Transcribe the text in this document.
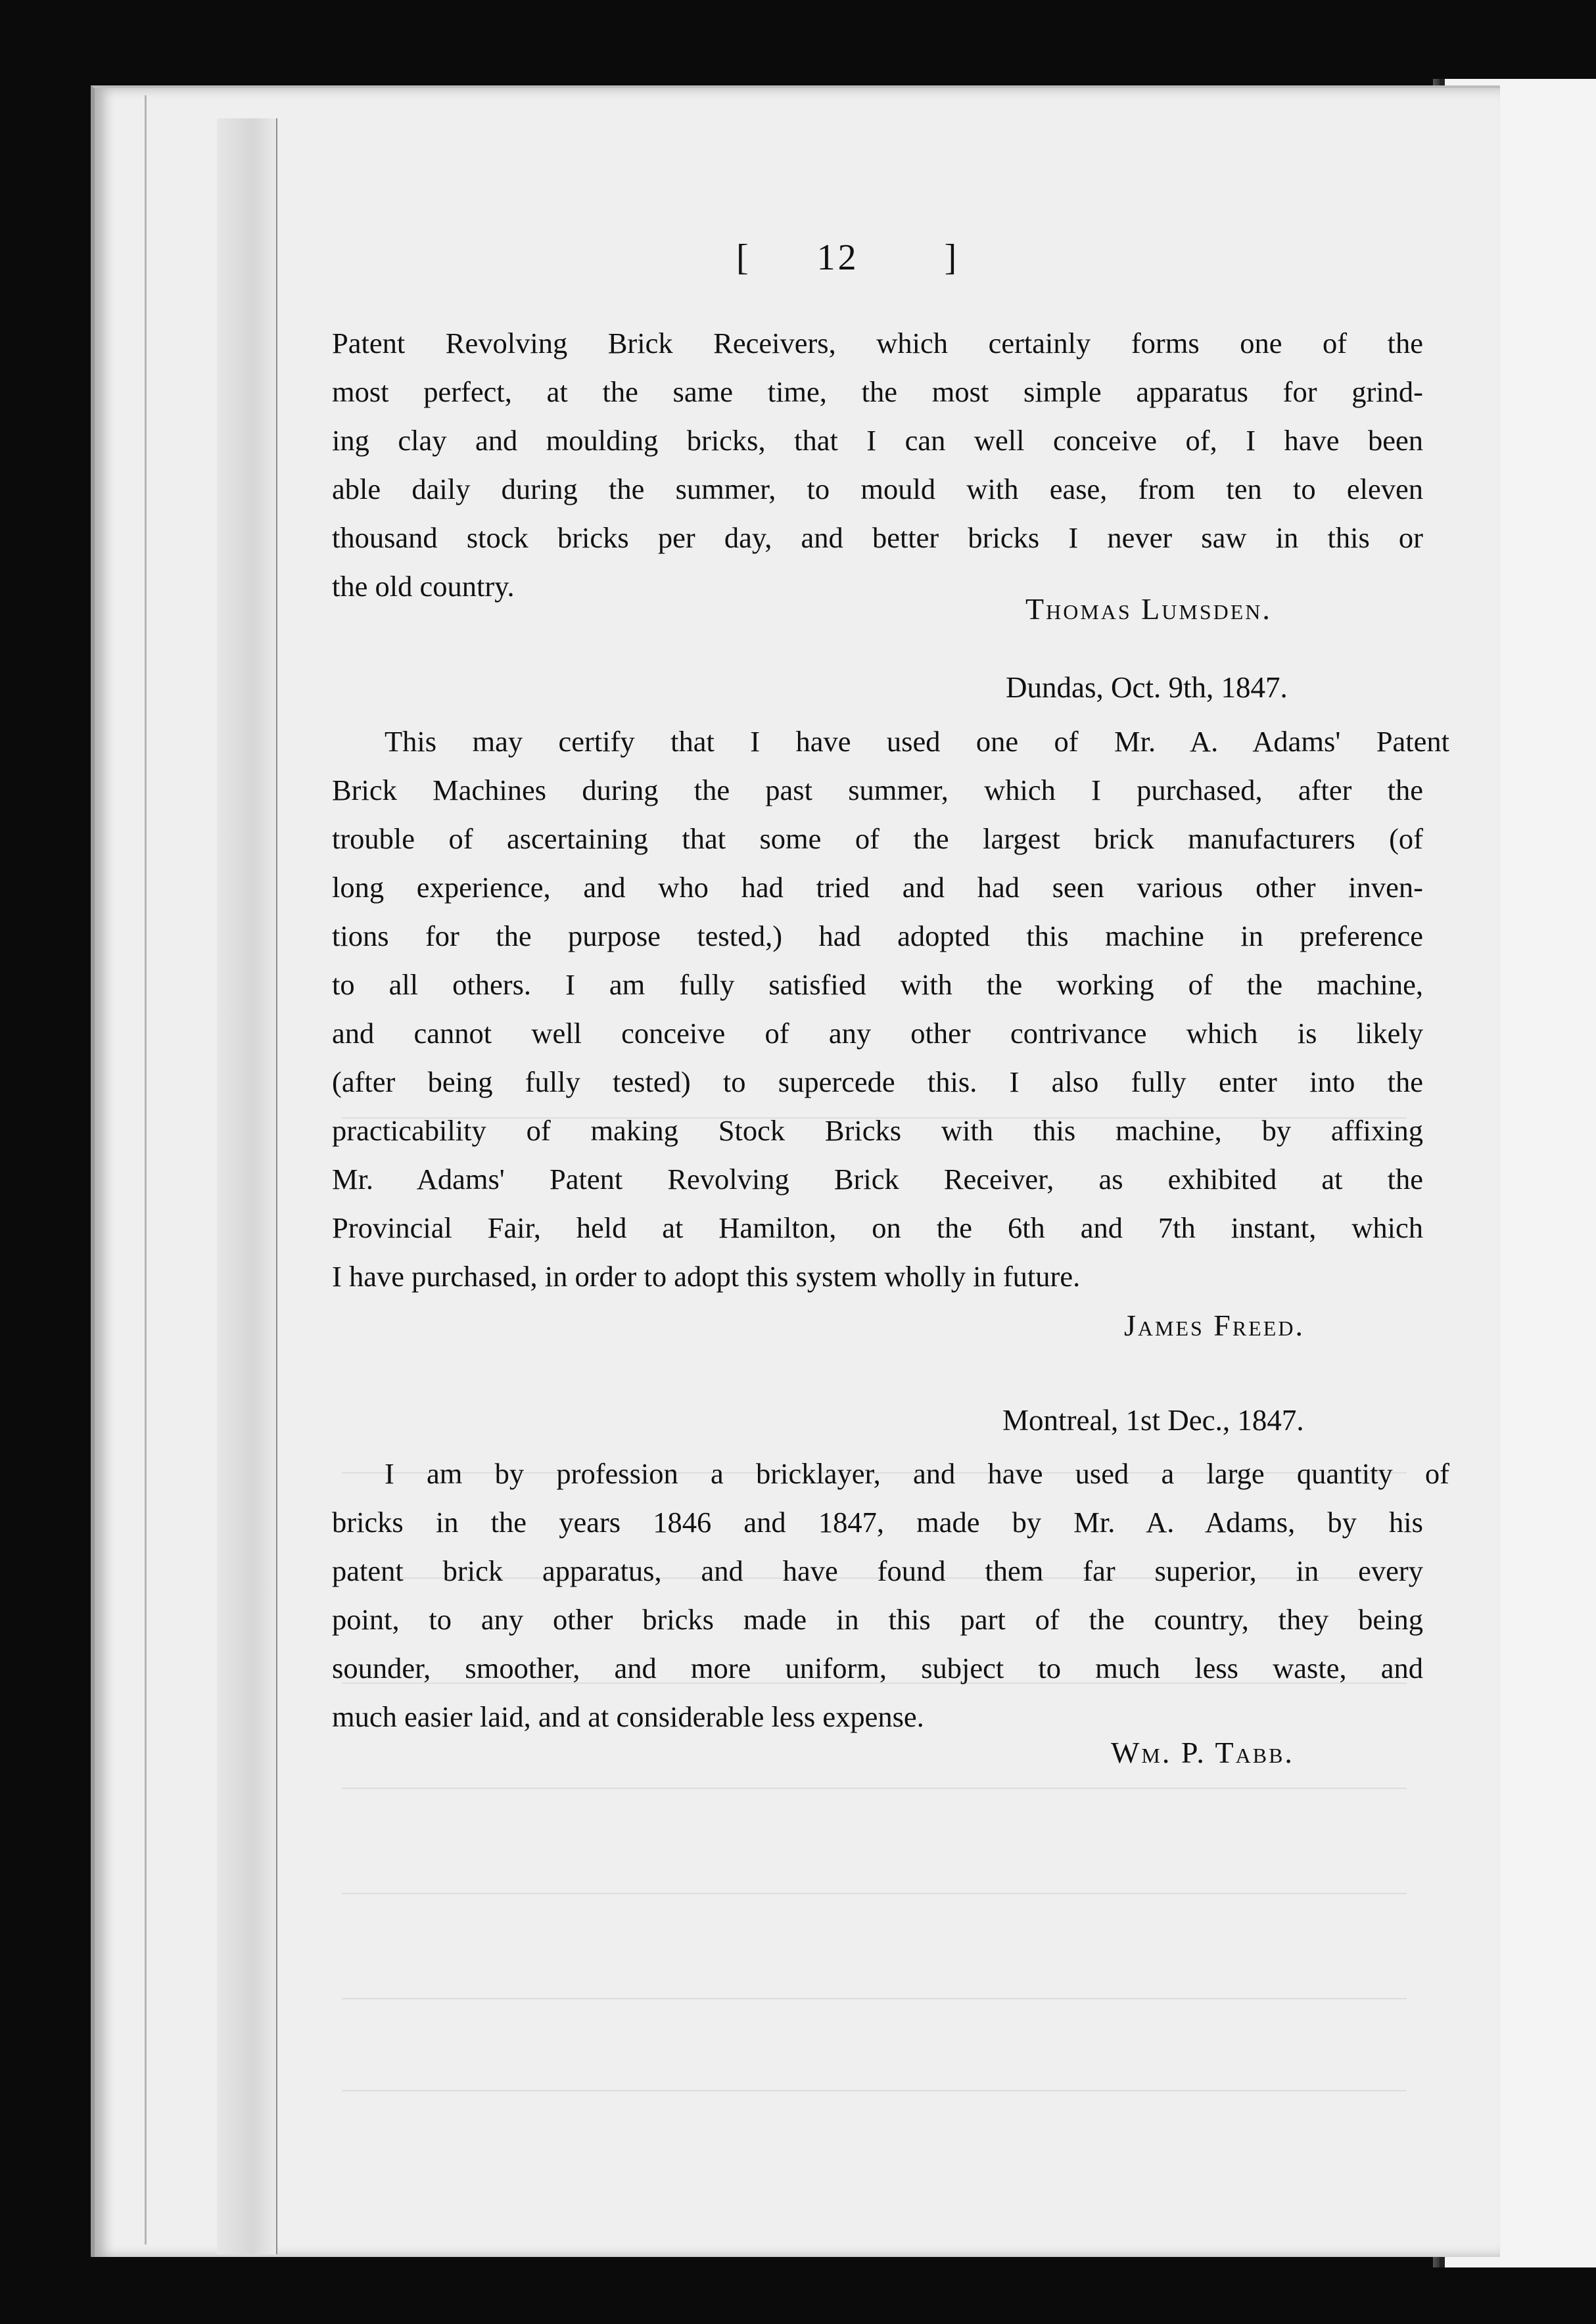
[ 12 ]
Patent Revolving Brick Receivers, which certainly forms one of the
most perfect, at the same time, the most simple apparatus for grind-
ing clay and moulding bricks, that I can well conceive of, I have been
able daily during the summer, to mould with ease, from ten to eleven
thousand stock bricks per day, and better bricks I never saw in this or
the old country.
Thomas Lumsden.
Dundas, Oct. 9th, 1847.
This may certify that I have used one of Mr. A. Adams' Patent
Brick Machines during the past summer, which I purchased, after the
trouble of ascertaining that some of the largest brick manufacturers (of
long experience, and who had tried and had seen various other inven-
tions for the purpose tested,) had adopted this machine in preference
to all others. I am fully satisfied with the working of the machine,
and cannot well conceive of any other contrivance which is likely
(after being fully tested) to supercede this. I also fully enter into the
practicability of making Stock Bricks with this machine, by affixing
Mr. Adams' Patent Revolving Brick Receiver, as exhibited at the
Provincial Fair, held at Hamilton, on the 6th and 7th instant, which
I have purchased, in order to adopt this system wholly in future.
James Freed.
Montreal, 1st Dec., 1847.
I am by profession a bricklayer, and have used a large quantity of
bricks in the years 1846 and 1847, made by Mr. A. Adams, by his
patent brick apparatus, and have found them far superior, in every
point, to any other bricks made in this part of the country, they being
sounder, smoother, and more uniform, subject to much less waste, and
much easier laid, and at considerable less expense.
Wm. P. Tabb.
